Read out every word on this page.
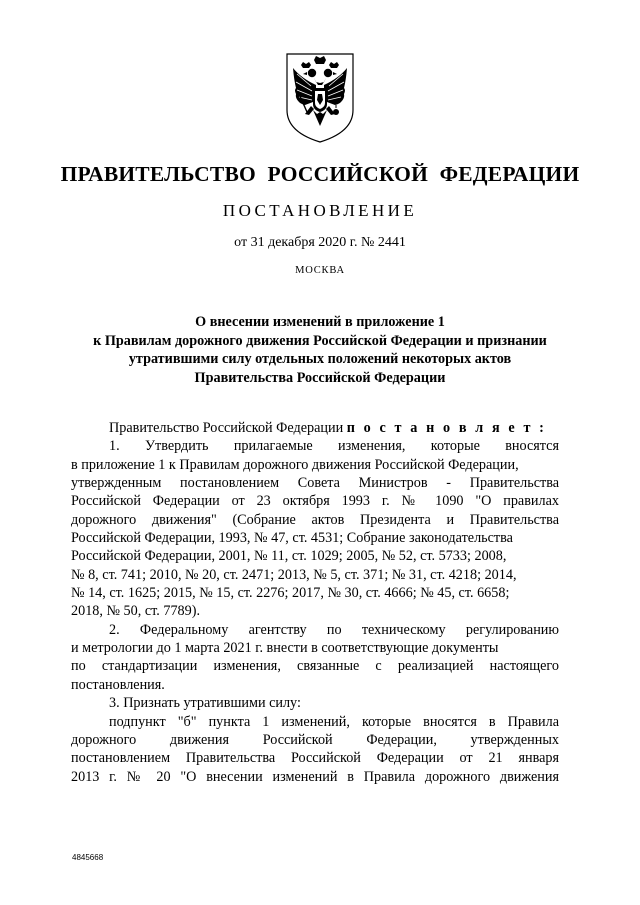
ПРАВИТЕЛЬСТВО РОССИЙСКОЙ ФЕДЕРАЦИИ
ПОСТАНОВЛЕНИЕ
от 31 декабря 2020 г. № 2441
МОСКВА
О внесении изменений в приложение 1
к Правилам дорожного движения Российской Федерации и признании
утратившими силу отдельных положений некоторых актов
Правительства Российской Федерации
Правительство Российской Федерации п о с т а н о в л я е т :
1. Утвердить прилагаемые изменения, которые вносятся
в приложение 1 к Правилам дорожного движения Российской Федерации,
утвержденным постановлением Совета Министров - Правительства
Российской Федерации от 23 октября 1993 г. № 1090 "О правилах
дорожного движения" (Собрание актов Президента и Правительства
Российской Федерации, 1993, № 47, ст. 4531; Собрание законодательства
Российской Федерации, 2001, № 11, ст. 1029; 2005, № 52, ст. 5733; 2008,
№ 8, ст. 741; 2010, № 20, ст. 2471; 2013, № 5, ст. 371; № 31, ст. 4218; 2014,
№ 14, ст. 1625; 2015, № 15, ст. 2276; 2017, № 30, ст. 4666; № 45, ст. 6658;
2018, № 50, ст. 7789).
2. Федеральному агентству по техническому регулированию
и метрологии до 1 марта 2021 г. внести в соответствующие документы
по стандартизации изменения, связанные с реализацией настоящего
постановления.
3. Признать утратившими силу:
подпункт "б" пункта 1 изменений, которые вносятся в Правила
дорожного движения Российской Федерации, утвержденных
постановлением Правительства Российской Федерации от 21 января
2013 г. № 20 "О внесении изменений в Правила дорожного движения
4845668
